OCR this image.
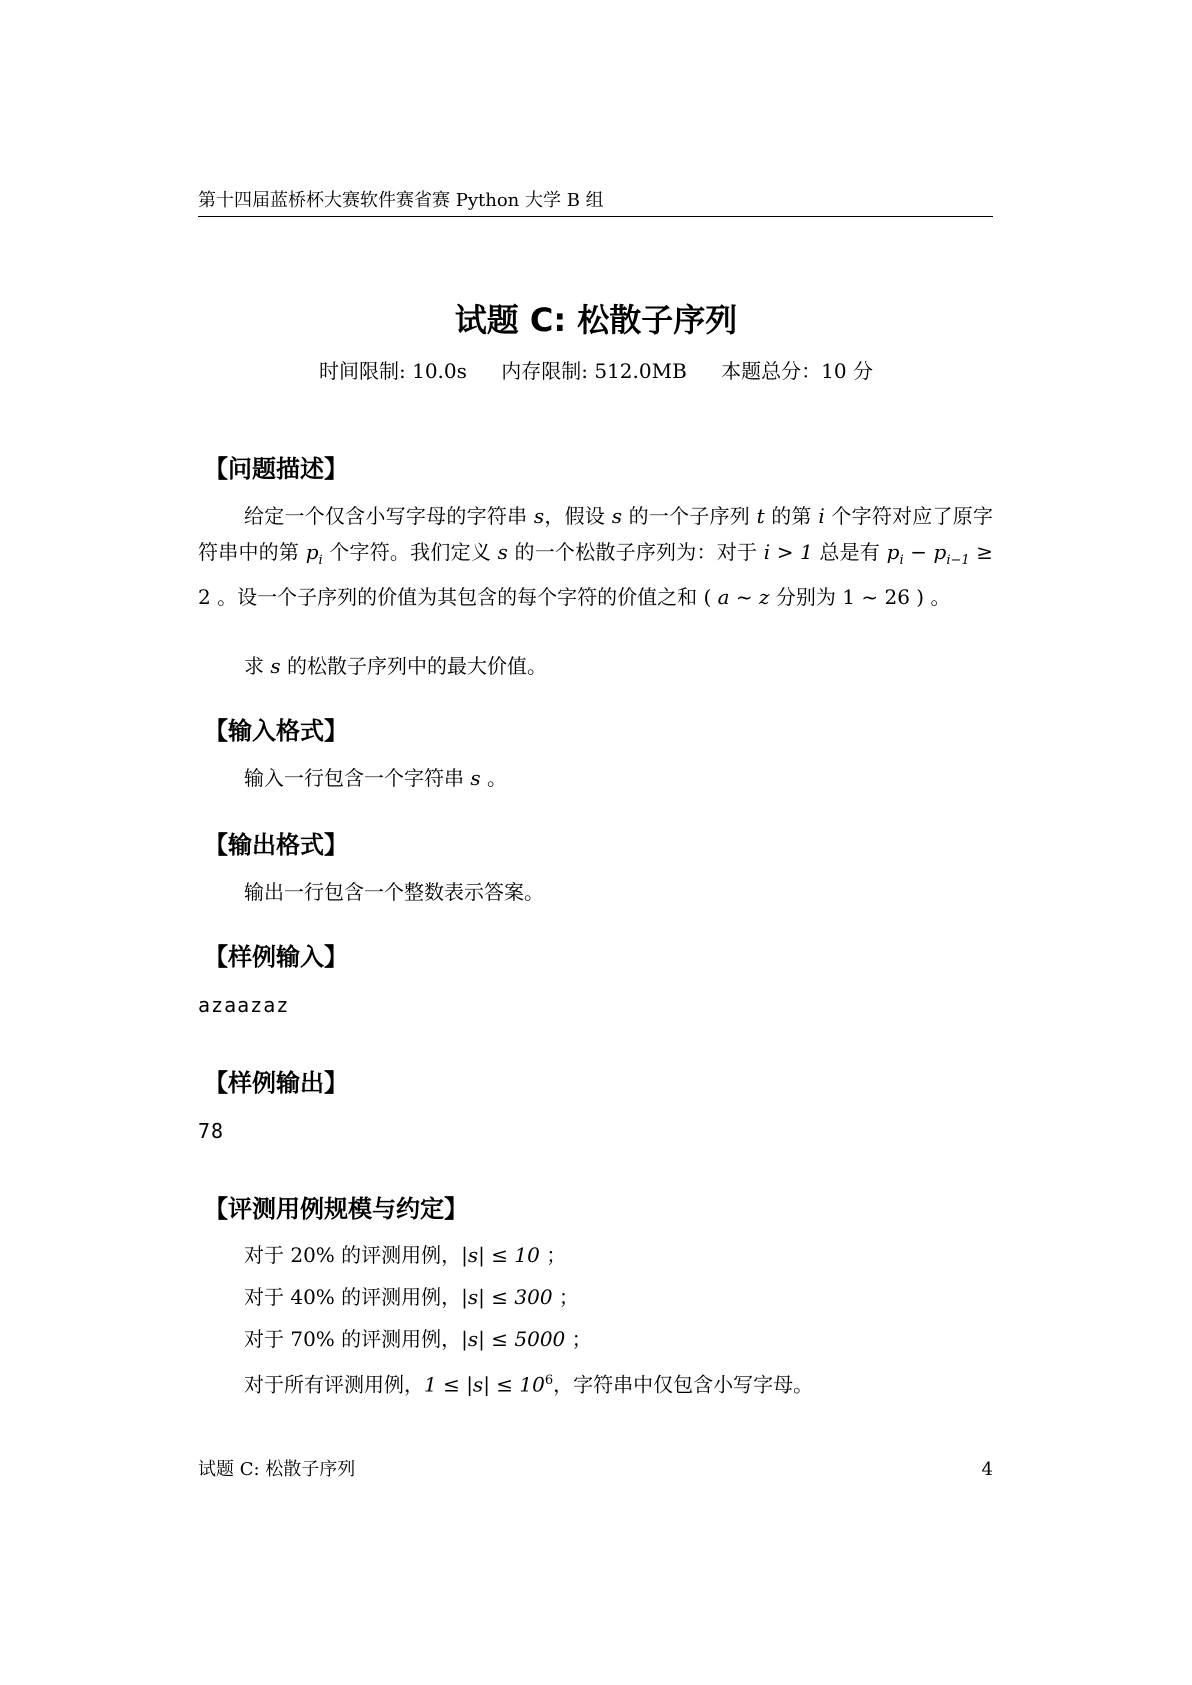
第十四届蓝桥杯大赛软件赛省赛 Python 大学 B 组
试题 C: 松散子序列
时间限制: 10.0s 内存限制: 512.0MB 本题总分：10 分
【问题描述】
给定一个仅含小写字母的字符串 s，假设 s 的一个子序列 t 的第 i 个字符对应了原字符串中的第 $p_i$ 个字符。我们定义 s 的一个松散子序列为：对于 i > 1 总是有 $p_i - p_{i-1} \ge 2$ 。设一个子序列的价值为其包含的每个字符的价值之和 ( a ~ z 分别为 1 ~ 26 ) 。
求 s 的松散子序列中的最大价值。
【输入格式】
输入一行包含一个字符串 s 。
【输出格式】
输出一行包含一个整数表示答案。
【样例输入】
azaazaz
【样例输出】
78
【评测用例规模与约定】
对于 20% 的评测用例，|s| ≤ 10 ；
对于 40% 的评测用例，|s| ≤ 300 ；
对于 70% 的评测用例，|s| ≤ 5000 ；
对于所有评测用例，$1 \le |s| \le 10^6$，字符串中仅包含小写字母。
试题 C: 松散子序列	4
